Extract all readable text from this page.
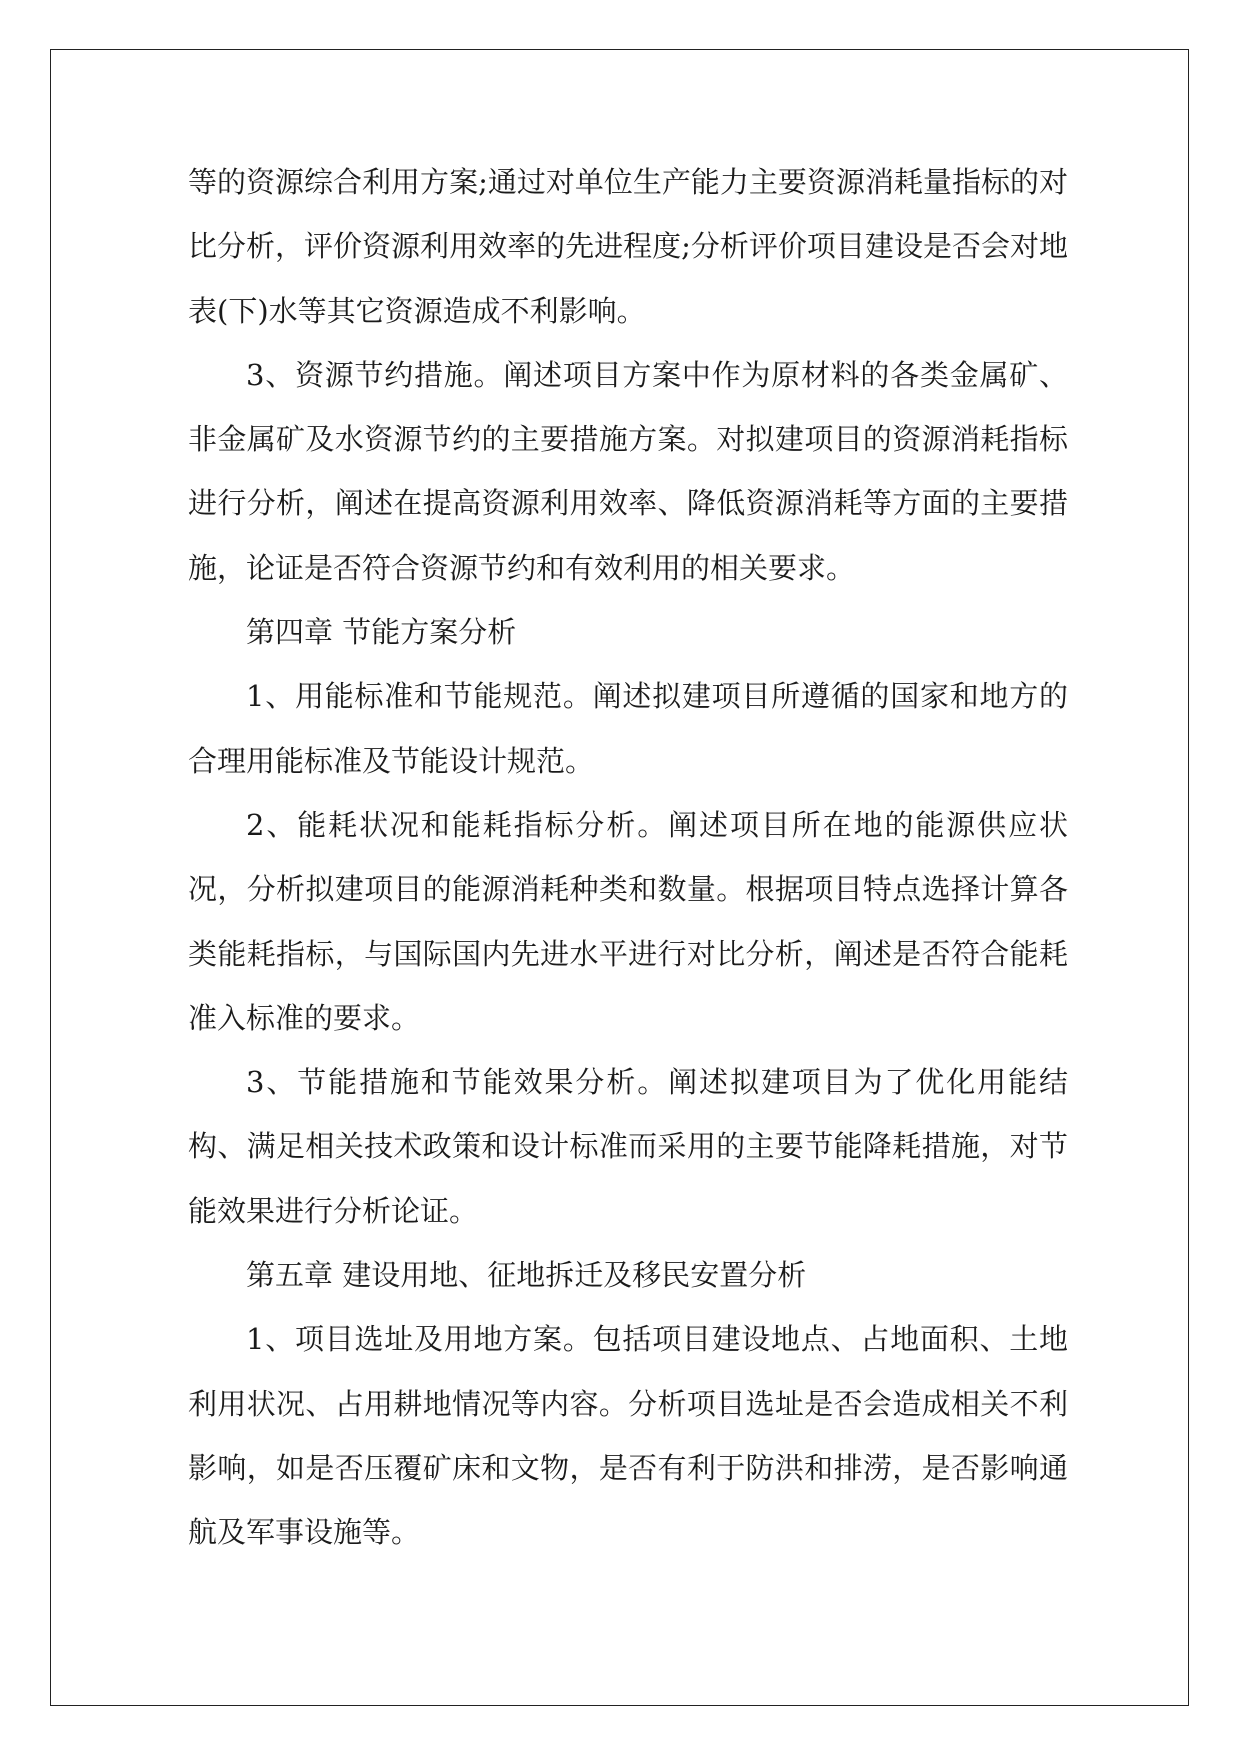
等的资源综合利用方案;通过对单位生产能力主要资源消耗量指标的对比分析，评价资源利用效率的先进程度;分析评价项目建设是否会对地表(下)水等其它资源造成不利影响。

3、资源节约措施。阐述项目方案中作为原材料的各类金属矿、非金属矿及水资源节约的主要措施方案。对拟建项目的资源消耗指标进行分析，阐述在提高资源利用效率、降低资源消耗等方面的主要措施，论证是否符合资源节约和有效利用的相关要求。

第四章 节能方案分析

1、用能标准和节能规范。阐述拟建项目所遵循的国家和地方的合理用能标准及节能设计规范。

2、能耗状况和能耗指标分析。阐述项目所在地的能源供应状况，分析拟建项目的能源消耗种类和数量。根据项目特点选择计算各类能耗指标，与国际国内先进水平进行对比分析，阐述是否符合能耗准入标准的要求。

3、节能措施和节能效果分析。阐述拟建项目为了优化用能结构、满足相关技术政策和设计标准而采用的主要节能降耗措施，对节能效果进行分析论证。

第五章 建设用地、征地拆迁及移民安置分析

1、项目选址及用地方案。包括项目建设地点、占地面积、土地利用状况、占用耕地情况等内容。分析项目选址是否会造成相关不利影响，如是否压覆矿床和文物，是否有利于防洪和排涝，是否影响通航及军事设施等。
